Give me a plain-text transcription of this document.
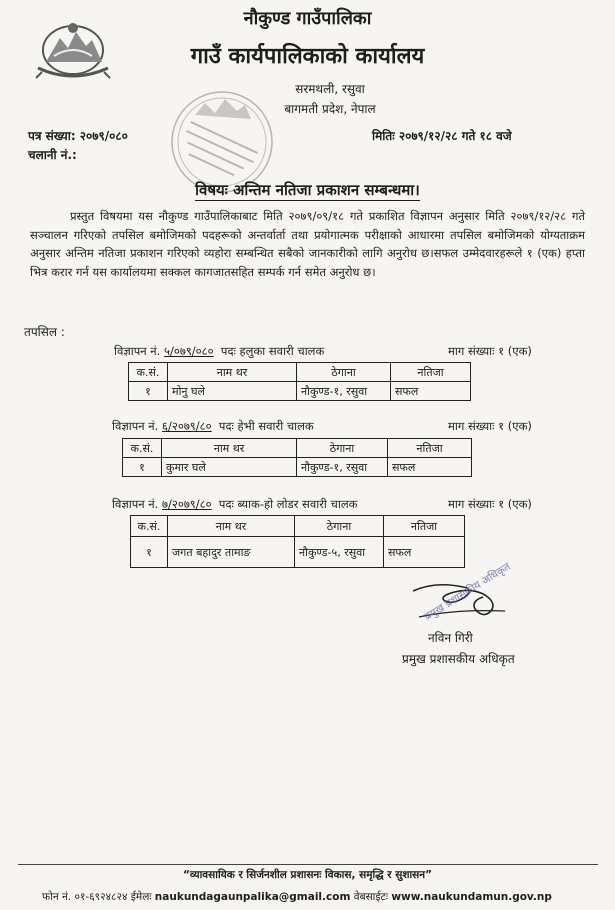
नौकुण्ड गाउँपालिका
गाउँ कार्यपालिकाको कार्यालय
सरमथली, रसुवा
बागमती प्रदेश, नेपाल
पत्र संख्या: २०७९/०८०
चलानी नं.:
मितिः २०७९/१२/२८ गते १८ वजे
विषयः अन्तिम नतिजा प्रकाशन सम्बन्धमा।
प्रस्तुत विषयमा यस नौकुण्ड गाउँपालिकाबाट मिति २०७९/०९/१८ गते प्रकाशित विज्ञापन अनुसार मिति २०७९/१२/२८ गते सञ्चालन गरिएको तपसिल बमोजिमको पदहरूको अन्तर्वार्ता तथा प्रयोगात्मक परीक्षाको आधारमा तपसिल बमोजिमको योग्यताक्रम अनुसार अन्तिम नतिजा प्रकाशन गरिएको व्यहोरा सम्बन्धित सबैको जानकारीको लागि अनुरोध छ।सफल उम्मेदवारहरूले १ (एक) हप्ता भित्र करार गर्न यस कार्यालयमा सक्कल कागजातसहित सम्पर्क गर्न समेत अनुरोध छ।
तपसिल :
विज्ञापन नं. ५/०७९/०८० पदः हलुका सवारी चालक	माग संख्याः १ (एक)
क.सं.	नाम थर	ठेगाना	नतिजा
१	मोनु घले	नौकुण्ड-१, रसुवा	सफल
विज्ञापन नं. ६/२०७९/८० पदः हेभी सवारी चालक	माग संख्याः १ (एक)
क.सं.	नाम थर	ठेगाना	नतिजा
१	कुमार घले	नौकुण्ड-१, रसुवा	सफल
विज्ञापन नं. ७/२०७९/८० पदः ब्याक-हो लोडर सवारी चालक	माग संख्याः १ (एक)
क.सं.	नाम थर	ठेगाना	नतिजा
१	जगत बहादुर तामाङ	नौकुण्ड-५, रसुवा	सफल
प्रमुख प्रशासकीय अधिकृत
नविन गिरी
प्रमुख प्रशासकीय अधिकृत
“व्यावसायिक र सिर्जनशील प्रशासनः विकास, समृद्धि र सुशासन”
फोन नं. ०१-६९२४८२४ ईमेलः naukundagaunpalika@gmail.com वेबसाईटः www.naukundamun.gov.np
